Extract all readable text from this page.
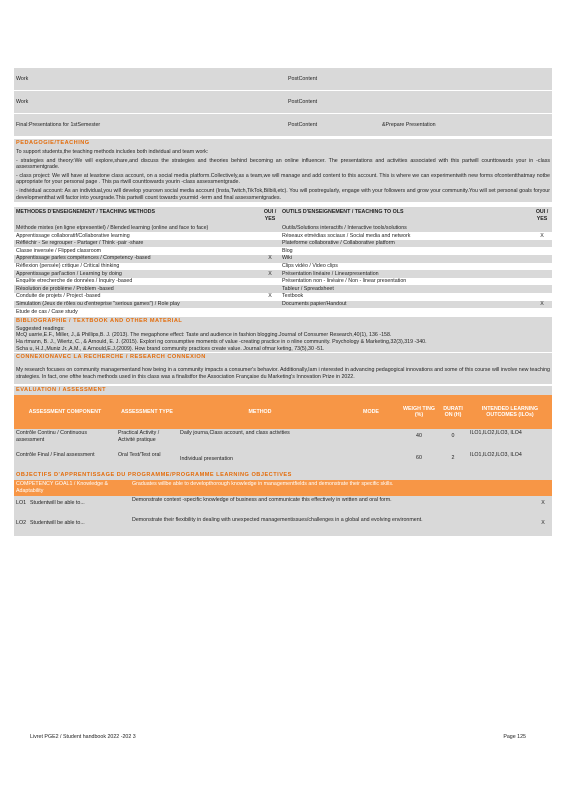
Work	PostContent
Work	PostContent
Final:Presentations for 1stSemester	PostContent	&Prepare Presentation
PEDAGOGIE/TEACHING
To support students,the teaching methods includes both individual and team work:
- strategies and theory:We will explore,share,and discuss the strategies and theories behind becoming an online influencer. The presentations and activities associated with this partwill counttowards your in -class assessmentgrade.
- class project: We will have at leastone class account, on a social media platform.Collectively,as a team,we will manage and add content to this account. This is where we can experimentwith new forms ofcontentthatmay notbe appropriate for your personal page . This pa rtwill counttowards yourin -class assessmentgrade.
- individual account: As an individual,you will develop yourown social media account (Insta,Twitch,TikTok,Bilbili,etc). You will postregularly, engage with your followers and grow your community.You will set personal goals foryour developmentthat will factor into yourgrade.This partwill count towards yourmid -term and final assessmentgrades.
METHODES D'ENSEIGNEMENT / TEACHING METHODS	OUI / YES	OUTILS D'ENSEIGNEMENT / TEACHING TO OLS	OUI / YES
Méthode mixtes (en ligne etpresentiel) / Blended learning (online and face to face)		Outils/Solutions interactifs / Interactive tools/solutions	
Apprentissage collaboratif/Collaborative learning		Réseaux etmédias sociaux / Social media and network	X
Réfléchir - Se regrouper - Partager / Think -pair -share		Plateforme collaborative / Collaborative platform	
Classe inversée / Flipped classroom		Blog	
Apprentissage parles compétences / Competency -based	X	Wiki	
Réflexion (pensée) critique / Critical thinking		Clips vidéo / Video clips	
Apprentissage parl'action / Learning by doing	X	Présentation linéaire / Linearpresentation	
Enquête etrecherche de données / Inquiry -based		Présentation non - linéaire / Non - linear presentation	
Résolution de problème / Problem -based		Tableur / Spreadsheet	
Conduite de projets / Project -based	X	Textbook	
Simulation (Jeux de rôles ou d'entreprise "serious games") / Role play		Documents papier/Handout	X
Etude de cas / Case study			
BIBLIOGRAPHIE / TEXTBOOK AND OTHER MATERIAL

Suggested readings:

McQ uarrie,E.F., Miller, J.,& Phillips,B. J. (2013). The megaphone effect: Taste and audience in fashion blogging.Journal of Consumer Research,40(1), 136 -158.

Ha rtmann, B. J., Wiertz, C., & Arnould, E. J. (2015). Explori ng consumptive moments of value -creating practice in o nline community. Psychology & Marketing,32(3),319 -340.

Scha u, H.J.,Muniz Jr.,A.M., & Arnould,E.J.(2009). How brand community practices create value. Journal ofmar keting, 73(5),30 -51.

CONNEXIONAVEC LA RECHERCHE / RESEARCH CONNEXION
My research focuses on community managementand how being in a community impacts a consumer's behavior. Additionally,Iam i nterested in advancing pedagogical innovations and some of this course will involve new teaching strategies. In fact, one ofthe teach methods used in this class was a finalistfor the Association Française du Marketing's Innovation Prize in 2022.
EVALUATION / ASSESSMENT
ASSESSMENT COMPONENT	ASSESSMENT TYPE	METHOD	MODE	WEIGH TING (%)	DURATI ON (H)	INTENDED LEARNING OUTCOMES (ILOs)
Contrôle Continu / Continuous assessment	Practical Activity / Activité pratique	Daily journa,Class account, and class activities		40	0	ILO1,ILO2,ILO3, ILO4
Contrôle Final / Final assessment	Oral Test/Test oral	Individual presentation		60	2	ILO1,ILO2,ILO3, ILO4
OBJECTIFS D'APPRENTISSAGE DU PROGRAMME/PROGRAMME LEARNING OBJECTIVES
COMPETENCY GOAL1 / Knowledge & Adaptability		Graduates willbe able to developthorough knowledge in managementfields and demonstrate their specific skills.	
LO1	Studentwill be able to...	Demonstrate context -specific knowledge of business and communicate this effectively in written and oral form.	X
LO2	Studentwill be able to...	Demonstrate their flexibility in dealing with unexpected managementissues/challenges in a global and evolving environment.	X
Livret PGE2 / Student handbook 2022 -202 3	Page 125
